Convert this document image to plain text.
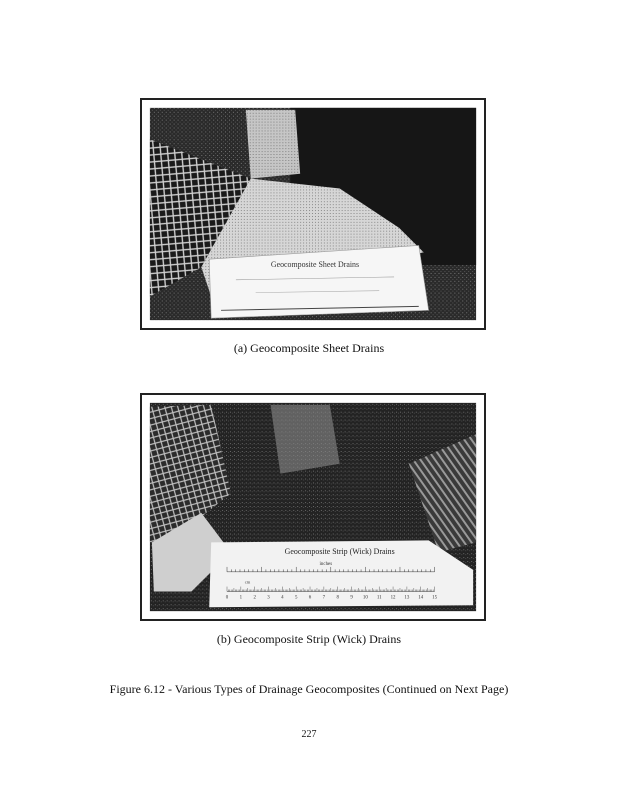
Geocomposite Sheet Drains
(a) Geocomposite Sheet Drains
Geocomposite Strip (Wick) Drains
inches
cm
0 1 2 3 4 5 6 7 8 9 10 11 12 13 14 15
(b) Geocomposite Strip (Wick) Drains
Figure 6.12 - Various Types of Drainage Geocomposites (Continued on Next Page)
227
